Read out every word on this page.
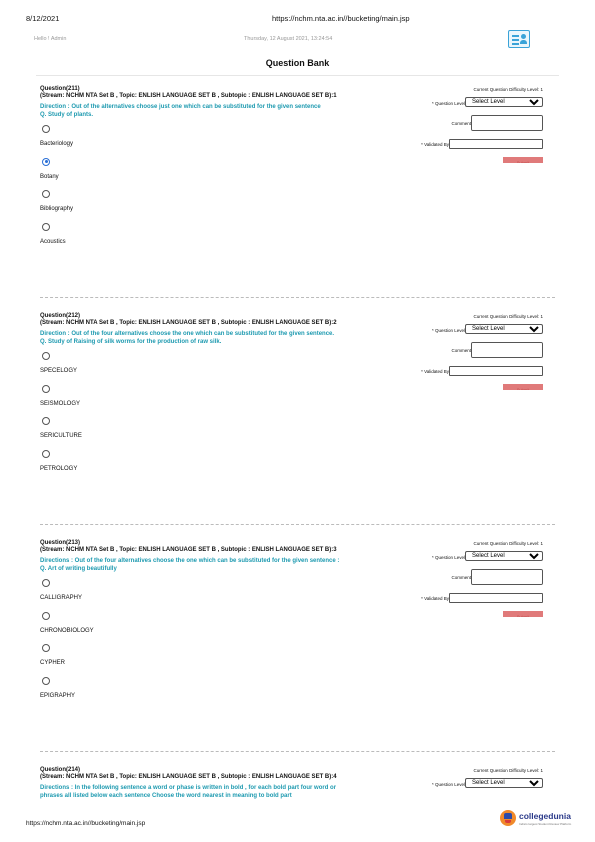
8/12/2021	https://nchm.nta.ac.in//bucketing/main.jsp
Hello ! Admin	Thursday, 12 August 2021, 13:24:54
Question Bank
Question(211)
(Stream: NCHM NTA Set B , Topic: ENLISH LANGUAGE SET B , Subtopic : ENLISH LANGUAGE SET B):1
Direction : Out of the alternatives choose just one which can be substituted for the given sentence
Q. Study of plants.
Bacteriology
Botany
Bibliography
Acoustics
Current Question Difficulty Level: 1
* Question Level
Select Level
Comment
* Validated By
Submit
Question(212)
(Stream: NCHM NTA Set B , Topic: ENLISH LANGUAGE SET B , Subtopic : ENLISH LANGUAGE SET B):2
Direction : Out of the four alternatives choose the one which can be substituted for the given sentence.
Q. Study of Raising of silk worms for the production of raw silk.
SPECELOGY
SEISMOLOGY
SERICULTURE
PETROLOGY
Current Question Difficulty Level: 1
* Question Level
Select Level
Comment
* Validated By
Submit
Question(213)
(Stream: NCHM NTA Set B , Topic: ENLISH LANGUAGE SET B , Subtopic : ENLISH LANGUAGE SET B):3
Directions : Out of the four alternatives choose the one which can be substituted for the given sentence :
Q. Art of writing beautifully
CALLIGRAPHY
CHRONOBIOLOGY
CYPHER
EPIGRAPHY
Current Question Difficulty Level: 1
* Question Level
Select Level
Comment
* Validated By
Submit
Question(214)
(Stream: NCHM NTA Set B , Topic: ENLISH LANGUAGE SET B , Subtopic : ENLISH LANGUAGE SET B):4
Directions : In the following sentence a word or phase is written in bold , for each bold part four word or phrases all listed below each sentence Choose the word nearest in meaning to bold part
Current Question Difficulty Level: 1
* Question Level
Select Level
https://nchm.nta.ac.in//bucketing/main.jsp
collegedunia
India's largest Student Review Platform
